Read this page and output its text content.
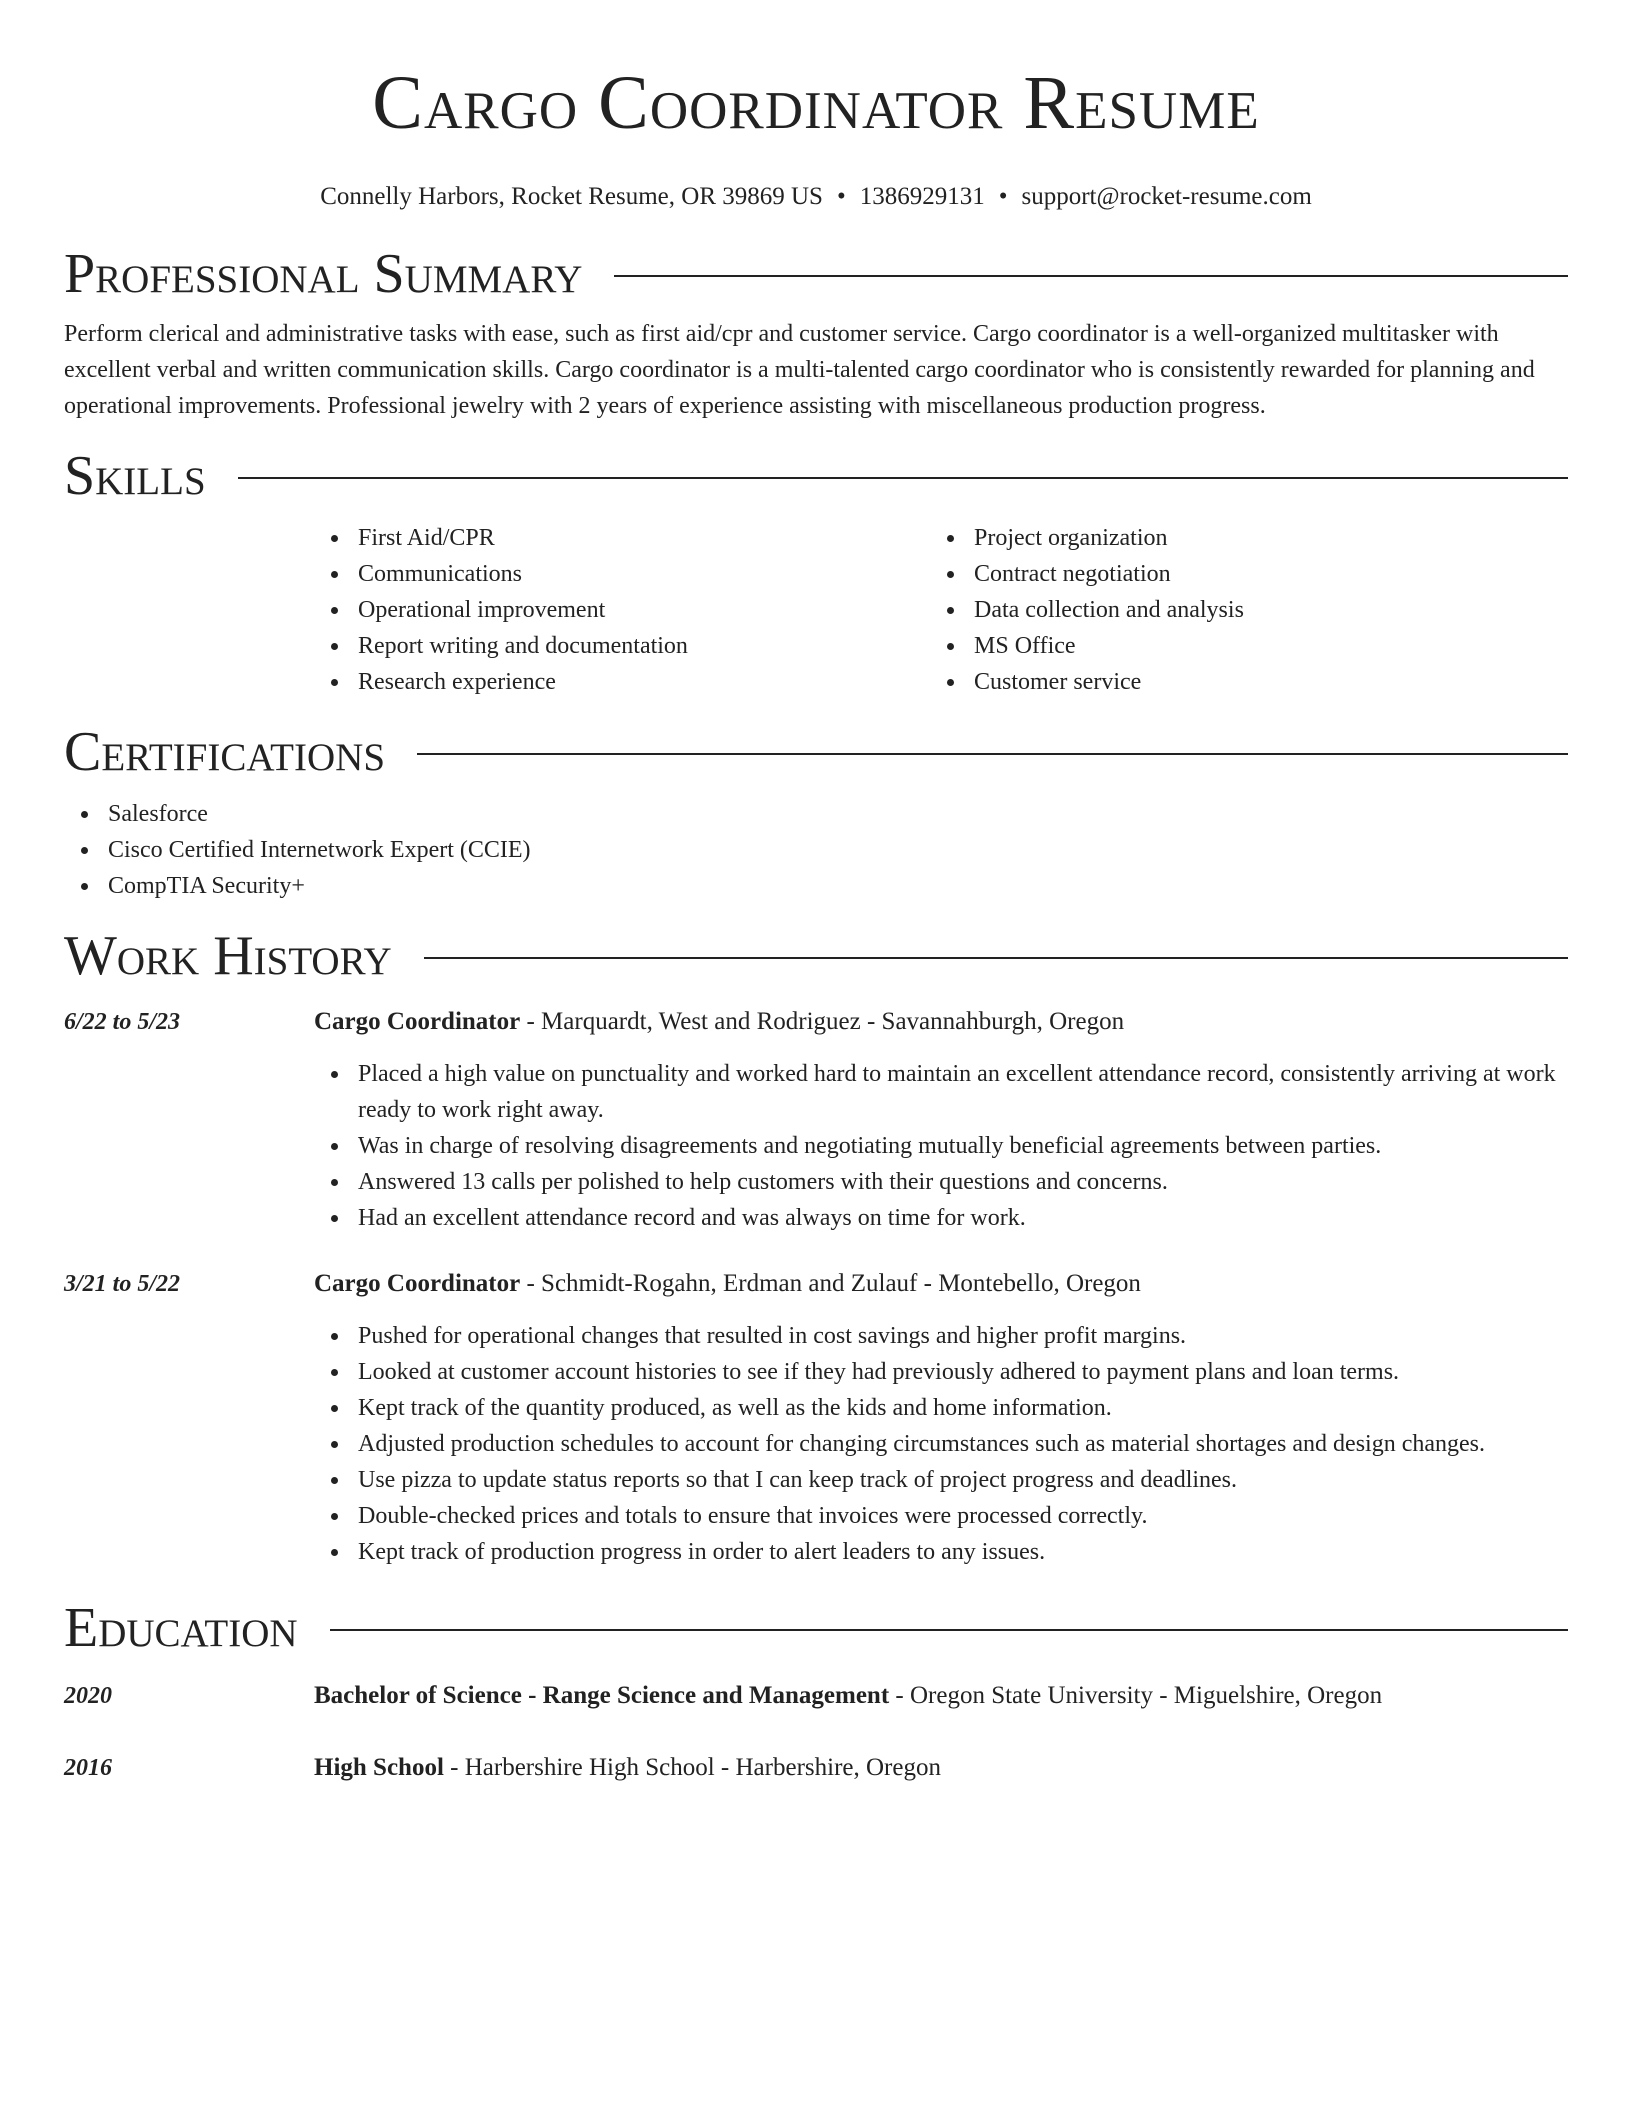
Cargo Coordinator Resume
Connelly Harbors, Rocket Resume, OR 39869 US • 1386929131 • support@rocket-resume.com
Professional Summary

Perform clerical and administrative tasks with ease, such as first aid/cpr and customer service. Cargo coordinator is a well-organized multitasker with excellent verbal and written communication skills. Cargo coordinator is a multi-talented cargo coordinator who is consistently rewarded for planning and operational improvements. Professional jewelry with 2 years of experience assisting with miscellaneous production progress.

Skills
First Aid/CPR
Communications
Operational improvement
Report writing and documentation
Research experience
Project organization
Contract negotiation
Data collection and analysis
MS Office
Customer service
Certifications
Salesforce
Cisco Certified Internetwork Expert (CCIE)
CompTIA Security+
Work History
6/22 to 5/23	Cargo Coordinator - Marquardt, West and Rodriguez - Savannahburgh, Oregon
Placed a high value on punctuality and worked hard to maintain an excellent attendance record, consistently arriving at work ready to work right away.
Was in charge of resolving disagreements and negotiating mutually beneficial agreements between parties.
Answered 13 calls per polished to help customers with their questions and concerns.
Had an excellent attendance record and was always on time for work.
3/21 to 5/22	Cargo Coordinator - Schmidt-Rogahn, Erdman and Zulauf - Montebello, Oregon
Pushed for operational changes that resulted in cost savings and higher profit margins.
Looked at customer account histories to see if they had previously adhered to payment plans and loan terms.
Kept track of the quantity produced, as well as the kids and home information.
Adjusted production schedules to account for changing circumstances such as material shortages and design changes.
Use pizza to update status reports so that I can keep track of project progress and deadlines.
Double-checked prices and totals to ensure that invoices were processed correctly.
Kept track of production progress in order to alert leaders to any issues.
Education
2020	Bachelor of Science - Range Science and Management - Oregon State University - Miguelshire, Oregon
2016	High School - Harbershire High School - Harbershire, Oregon
